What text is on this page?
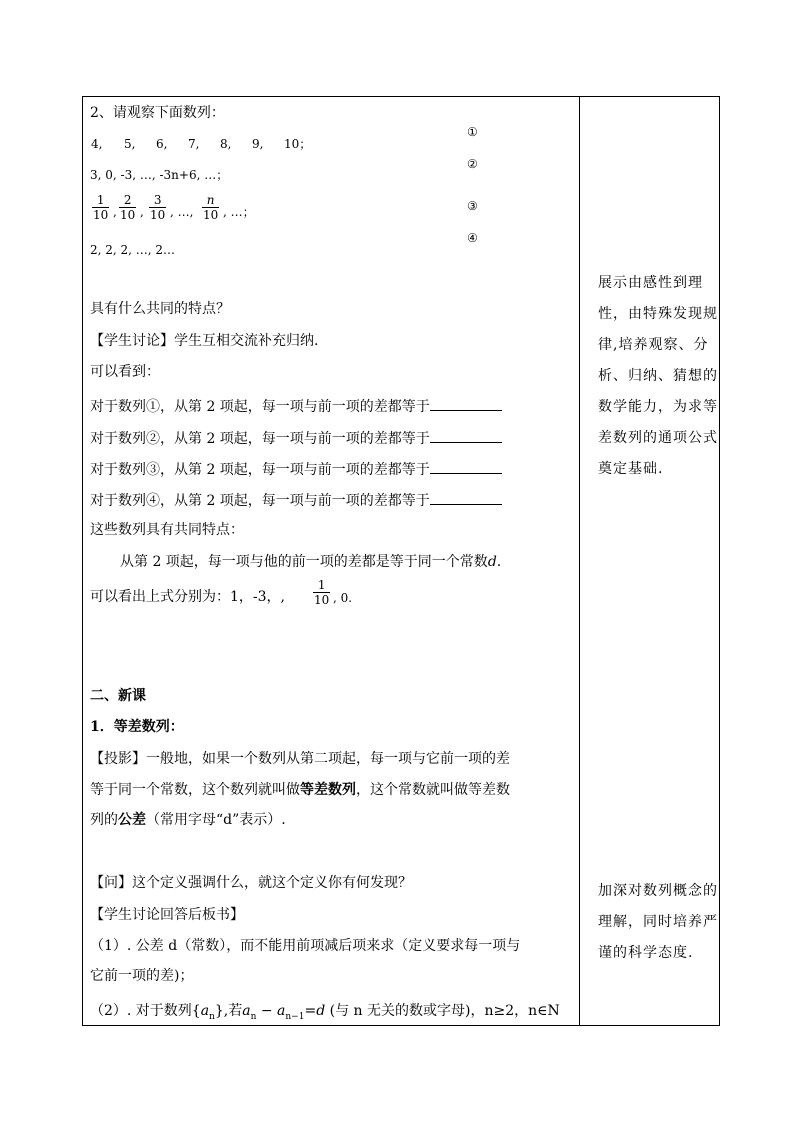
2、请观察下面数列：
4, 5, 6, 7, 8, 9, 10；
①
②
③
④
3, 0, -3, …, -3n+6, …；
$\frac{1}{10}$ , $\frac{2}{10}$ , $\frac{3}{10}$ , …, $\frac{n}{10}$ , …；
2, 2, 2, …, 2…
具有什么共同的特点？
【学生讨论】学生互相交流补充归纳.
可以看到：
对于数列①，从第 2 项起，每一项与前一项的差都等于
对于数列②，从第 2 项起，每一项与前一项的差都等于
对于数列③，从第 2 项起，每一项与前一项的差都等于
对于数列④，从第 2 项起，每一项与前一项的差都等于
这些数列具有共同特点：
从第 2 项起，每一项与他的前一项的差都是等于同一个常数d.
可以看出上式分别为：1，-3，, $\frac{1}{10}$ , 0.
二、新课
1．等差数列：
【投影】一般地，如果一个数列从第二项起，每一项与它前一项的差
等于同一个常数，这个数列就叫做等差数列，这个常数就叫做等差数
列的公差（常用字母“d”表示）.
【问】这个定义强调什么，就这个定义你有何发现？
【学生讨论回答后板书】
（1）. 公差 d（常数），而不能用前项减后项来求（定义要求每一项与
它前一项的差)；
（2）. 对于数列$\{a_n\}$,若$a_n - a_{n-1}=d$ (与 n 无关的数或字母)，n≥2，n∈N
展示由感性到理性，由特殊发现规律,培养观察、分析、归纳、猜想的数学能力，为求等差数列的通项公式奠定基础.
加深对数列概念的理解，同时培养严谨的科学态度.
